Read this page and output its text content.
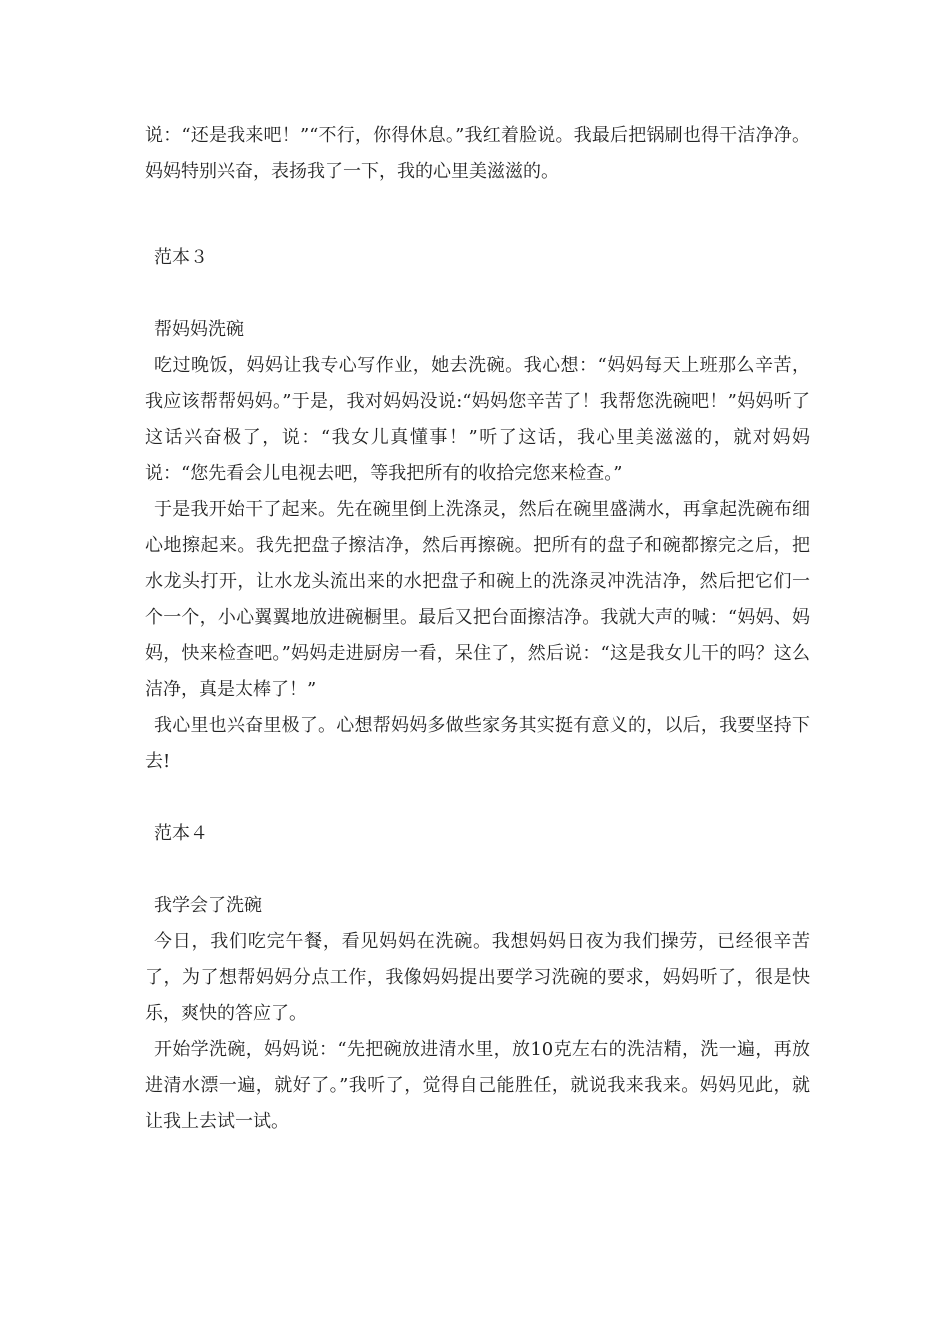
说：“还是我来吧！”“不行，你得休息。”我红着脸说。我最后把锅刷也得干洁净净。妈妈特别兴奋，表扬我了一下，我的心里美滋滋的。

范本３

帮妈妈洗碗

吃过晚饭，妈妈让我专心写作业，她去洗碗。我心想：“妈妈每天上班那么辛苦，我应该帮帮妈妈。”于是，我对妈妈没说:“妈妈您辛苦了！我帮您洗碗吧！”妈妈听了这话兴奋极了，说：“我女儿真懂事！”听了这话，我心里美滋滋的，就对妈妈说：“您先看会儿电视去吧，等我把所有的收拾完您来检查。”

于是我开始干了起来。先在碗里倒上洗涤灵，然后在碗里盛满水，再拿起洗碗布细心地擦起来。我先把盘子擦洁净，然后再擦碗。把所有的盘子和碗都擦完之后，把水龙头打开，让水龙头流出来的水把盘子和碗上的洗涤灵冲洗洁净，然后把它们一个一个，小心翼翼地放进碗橱里。最后又把台面擦洁净。我就大声的喊：“妈妈、妈妈，快来检查吧。”妈妈走进厨房一看，呆住了，然后说：“这是我女儿干的吗？这么洁净，真是太棒了！”

我心里也兴奋里极了。心想帮妈妈多做些家务其实挺有意义的，以后，我要坚持下去!

范本４

我学会了洗碗

今日，我们吃完午餐，看见妈妈在洗碗。我想妈妈日夜为我们操劳，已经很辛苦了，为了想帮妈妈分点工作，我像妈妈提出要学习洗碗的要求，妈妈听了，很是快乐，爽快的答应了。

开始学洗碗，妈妈说：“先把碗放进清水里，放10克左右的洗洁精，洗一遍，再放进清水漂一遍，就好了。”我听了，觉得自己能胜任，就说我来我来。妈妈见此，就让我上去试一试。
